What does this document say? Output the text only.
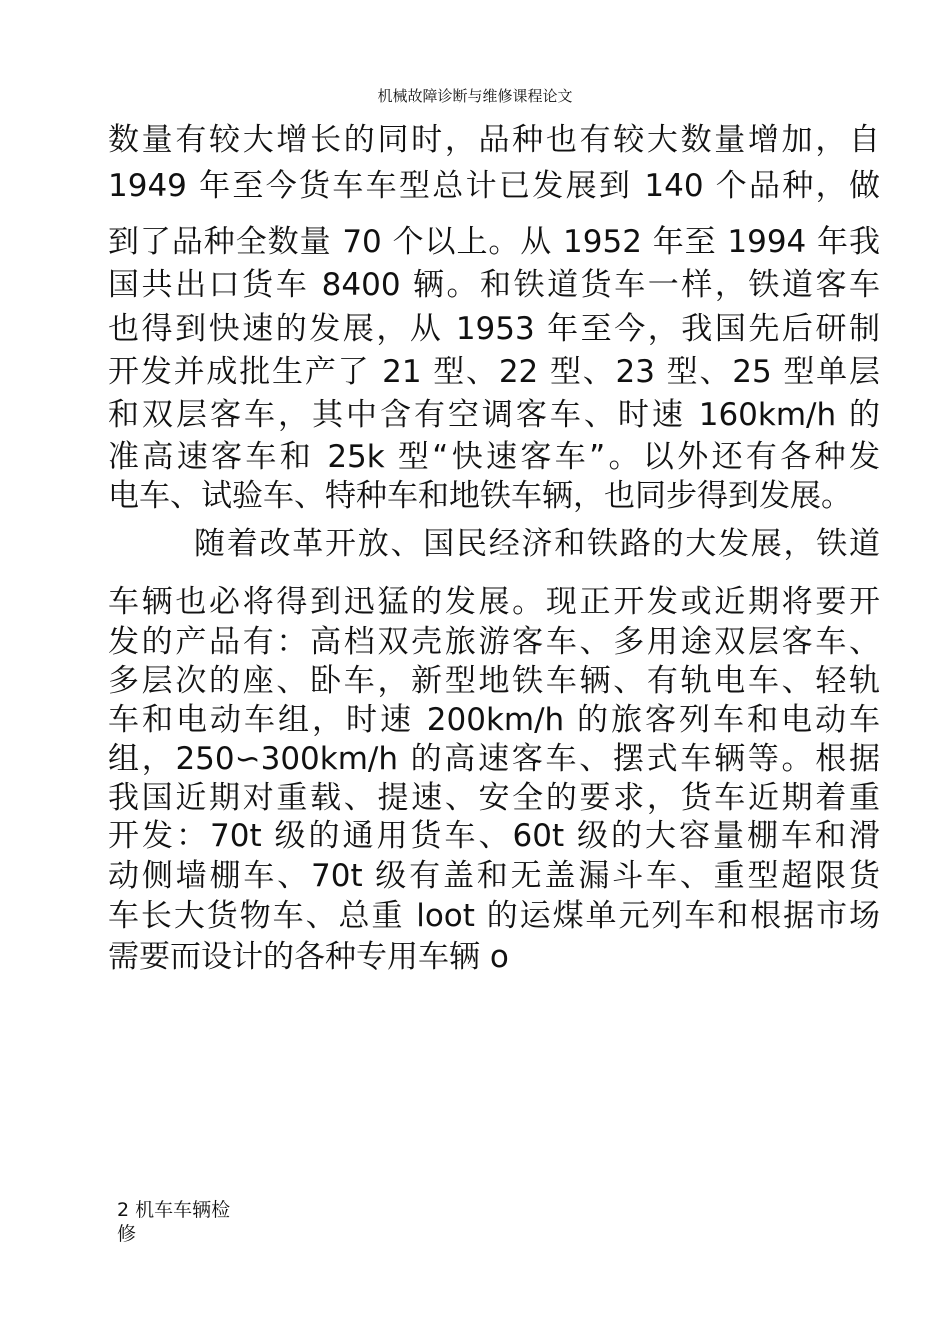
机械故障诊断与维修课程论文
数量有较大增长的同时，品种也有较大数量增加，自
1949 年至今货车车型总计已发展到 140 个品种，做
到了品种全数量 70 个以上。从 1952 年至 1994 年我
国共出口货车 8400 辆。和铁道货车一样，铁道客车
也得到快速的发展，从 1953 年至今，我国先后研制
开发并成批生产了 21 型、22 型、23 型、25 型单层
和双层客车，其中含有空调客车、时速 160km/h 的
准高速客车和 25k 型“快速客车”。以外还有各种发
电车、试验车、特种车和地铁车辆，也同步得到发展。
随着改革开放、国民经济和铁路的大发展，铁道
车辆也必将得到迅猛的发展。现正开发或近期将要开
发的产品有：高档双壳旅游客车、多用途双层客车、
多层次的座、卧车，新型地铁车辆、有轨电车、轻轨
车和电动车组，时速 200km/h 的旅客列车和电动车
组，250∽300km/h 的高速客车、摆式车辆等。根据
我国近期对重载、提速、安全的要求，货车近期着重
开发：70t 级的通用货车、60t 级的大容量棚车和滑
动侧墙棚车、70t 级有盖和无盖漏斗车、重型超限货
车长大货物车、总重 loot 的运煤单元列车和根据市场
需要而设计的各种专用车辆 o
2 机车车辆检
修
